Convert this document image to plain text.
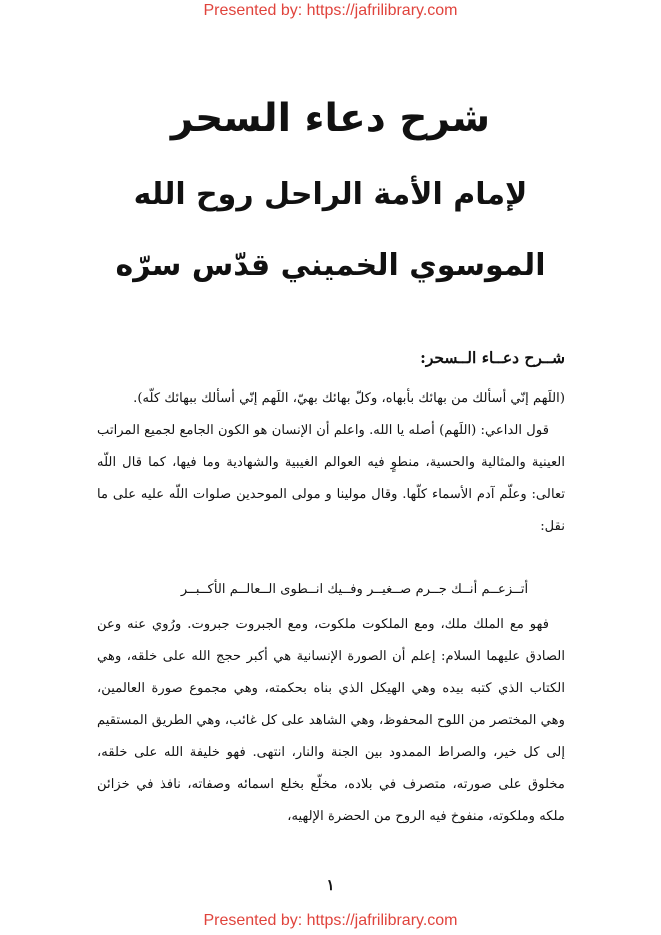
Presented by: https://jafrilibrary.com
شرح دعاء السحر
لإمام الأمة الراحل روح الله
الموسوي الخميني قدّس سرّه
شــرح دعــاء الــسحر:

(اللَهم إنّي أسألك من بهائك بأبهاه، وكلّ بهائك بهيّ، اللَهم إنّي أسألك ببهائك كلّه).

قول الداعي: (اللَهم) أصله يا الله. واعلم أن الإنسان هو الكون الجامع لجميع المراتب العينية والمثالية والحسية، منطوٍ فيه العوالم الغيبية والشهادية وما فيها، كما قال اللّه تعالى: وعلّم آدم الأسماء كلّها. وقال مولينا و مولى الموحدين صلوات اللّه عليه على ما نقل:

أتــزعــم أنــك جــرم صــغيــر وفــيك انــطوى الــعالــم الأكــبــر

فهو مع الملك ملك، ومع الملكوت ملكوت، ومع الجبروت جبروت. ورُوي عنه وعن الصادق عليهما السلام: إعلم أن الصورة الإنسانية هي أكبر حجج الله على خلقه، وهي الكتاب الذي كتبه بيده وهي الهيكل الذي بناه بحكمته، وهي مجموع صورة العالمين، وهي المختصر من اللوح المحفوظ، وهي الشاهد على كل غائب، وهي الطريق المستقيم إلى كل خير، والصراط الممدود بين الجنة والنار، انتهى. فهو خليفة الله على خلقه، مخلوق على صورته، متصرف في بلاده، مخلّع بخلع اسمائه وصفاته، نافذ في خزائن ملكه وملكوته، منفوخ فيه الروح من الحضرة الإلهيه،

١
Presented by: https://jafrilibrary.com
